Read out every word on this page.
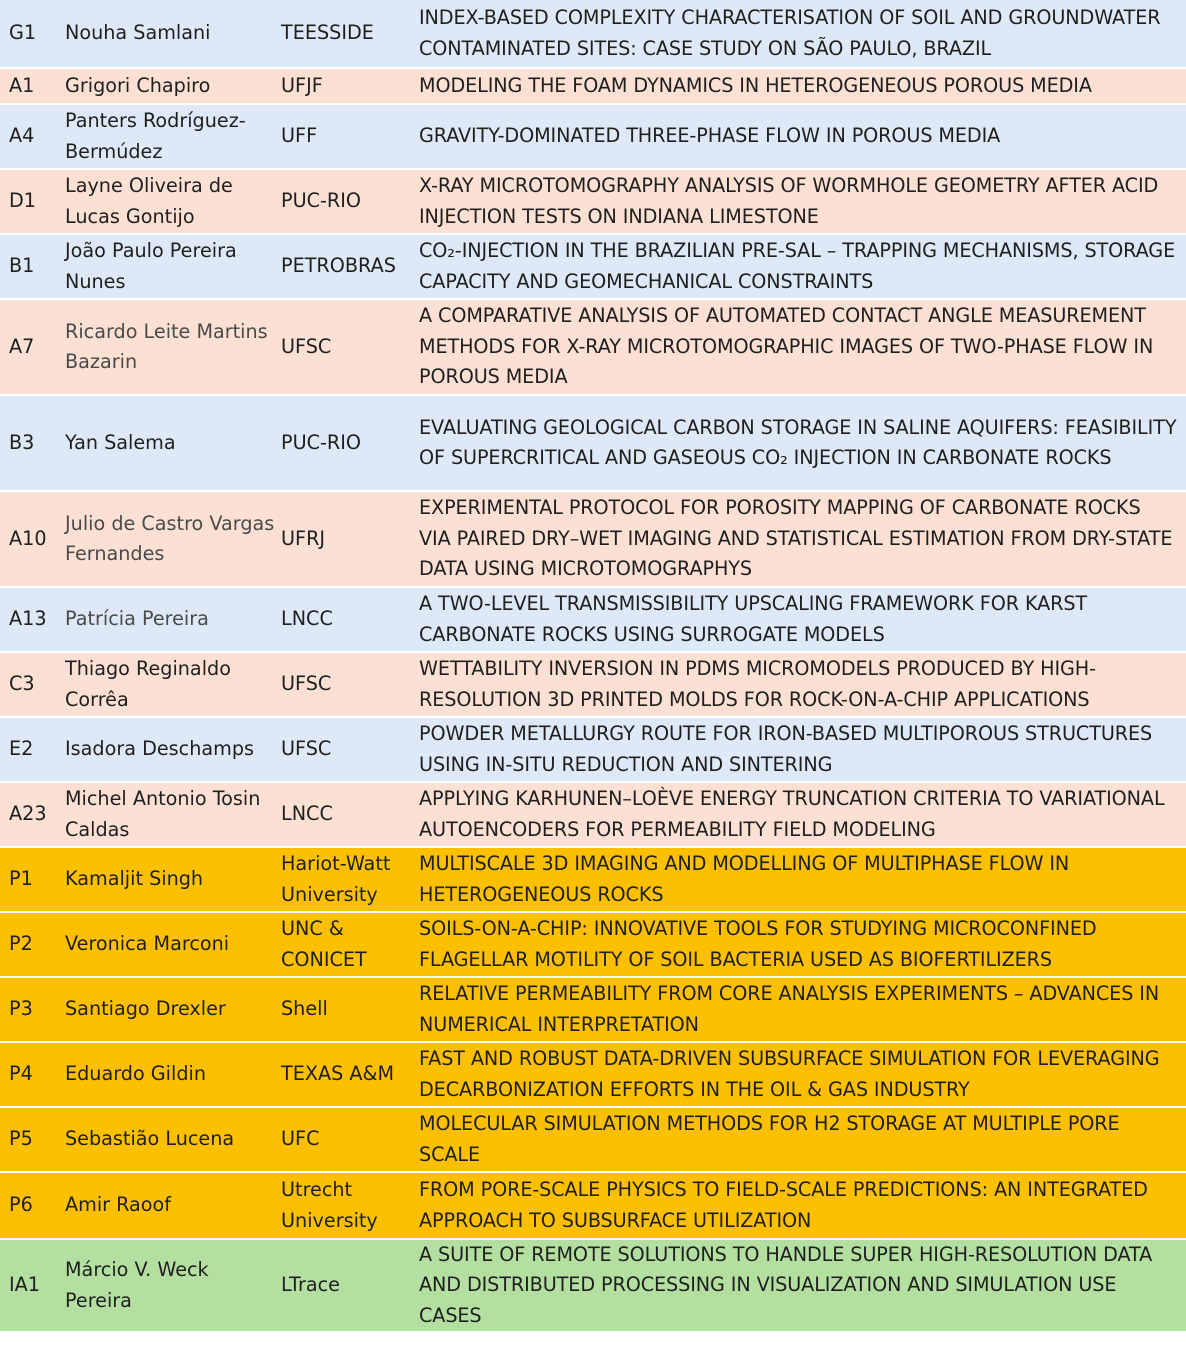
G1	Nouha Samlani	TEESSIDE	INDEX-BASED COMPLEXITY CHARACTERISATION OF SOIL AND GROUNDWATER CONTAMINATED SITES: CASE STUDY ON SÃO PAULO, BRAZIL
A1	Grigori Chapiro	UFJF	MODELING THE FOAM DYNAMICS IN HETEROGENEOUS POROUS MEDIA
A4	Panters Rodríguez-Bermúdez	UFF	GRAVITY-DOMINATED THREE-PHASE FLOW IN POROUS MEDIA
D1	Layne Oliveira de Lucas Gontijo	PUC-RIO	X-RAY MICROTOMOGRAPHY ANALYSIS OF WORMHOLE GEOMETRY AFTER ACID INJECTION TESTS ON INDIANA LIMESTONE
B1	João Paulo Pereira Nunes	PETROBRAS	CO₂-INJECTION IN THE BRAZILIAN PRE-SAL – TRAPPING MECHANISMS, STORAGE CAPACITY AND GEOMECHANICAL CONSTRAINTS
A7	Ricardo Leite Martins Bazarin	UFSC	A COMPARATIVE ANALYSIS OF AUTOMATED CONTACT ANGLE MEASUREMENT METHODS FOR X-RAY MICROTOMOGRAPHIC IMAGES OF TWO-PHASE FLOW IN POROUS MEDIA
B3	Yan Salema	PUC-RIO	EVALUATING GEOLOGICAL CARBON STORAGE IN SALINE AQUIFERS: FEASIBILITY OF SUPERCRITICAL AND GASEOUS CO₂ INJECTION IN CARBONATE ROCKS
A10	Julio de Castro Vargas Fernandes	UFRJ	EXPERIMENTAL PROTOCOL FOR POROSITY MAPPING OF CARBONATE ROCKS VIA PAIRED DRY–WET IMAGING AND STATISTICAL ESTIMATION FROM DRY-STATE DATA USING MICROTOMOGRAPHYS
A13	Patrícia Pereira	LNCC	A TWO-LEVEL TRANSMISSIBILITY UPSCALING FRAMEWORK FOR KARST CARBONATE ROCKS USING SURROGATE MODELS
C3	Thiago Reginaldo Corrêa	UFSC	WETTABILITY INVERSION IN PDMS MICROMODELS PRODUCED BY HIGH-RESOLUTION 3D PRINTED MOLDS FOR ROCK-ON-A-CHIP APPLICATIONS
E2	Isadora Deschamps	UFSC	POWDER METALLURGY ROUTE FOR IRON-BASED MULTIPOROUS STRUCTURES USING IN-SITU REDUCTION AND SINTERING
A23	Michel Antonio Tosin Caldas	LNCC	APPLYING KARHUNEN–LOÈVE ENERGY TRUNCATION CRITERIA TO VARIATIONAL AUTOENCODERS FOR PERMEABILITY FIELD MODELING
P1	Kamaljit Singh	Hariot-Watt University	MULTISCALE 3D IMAGING AND MODELLING OF MULTIPHASE FLOW IN HETEROGENEOUS ROCKS
P2	Veronica Marconi	UNC & CONICET	SOILS-ON-A-CHIP: INNOVATIVE TOOLS FOR STUDYING MICROCONFINED FLAGELLAR MOTILITY OF SOIL BACTERIA USED AS BIOFERTILIZERS
P3	Santiago Drexler	Shell	RELATIVE PERMEABILITY FROM CORE ANALYSIS EXPERIMENTS – ADVANCES IN NUMERICAL INTERPRETATION
P4	Eduardo Gildin	TEXAS A&M	FAST AND ROBUST DATA-DRIVEN SUBSURFACE SIMULATION FOR LEVERAGING DECARBONIZATION EFFORTS IN THE OIL & GAS INDUSTRY
P5	Sebastião Lucena	UFC	MOLECULAR SIMULATION METHODS FOR H2 STORAGE AT MULTIPLE PORE SCALE
P6	Amir Raoof	Utrecht University	FROM PORE-SCALE PHYSICS TO FIELD-SCALE PREDICTIONS: AN INTEGRATED APPROACH TO SUBSURFACE UTILIZATION
IA1	Márcio V. Weck Pereira	LTrace	A SUITE OF REMOTE SOLUTIONS TO HANDLE SUPER HIGH-RESOLUTION DATA AND DISTRIBUTED PROCESSING IN VISUALIZATION AND SIMULATION USE CASES
